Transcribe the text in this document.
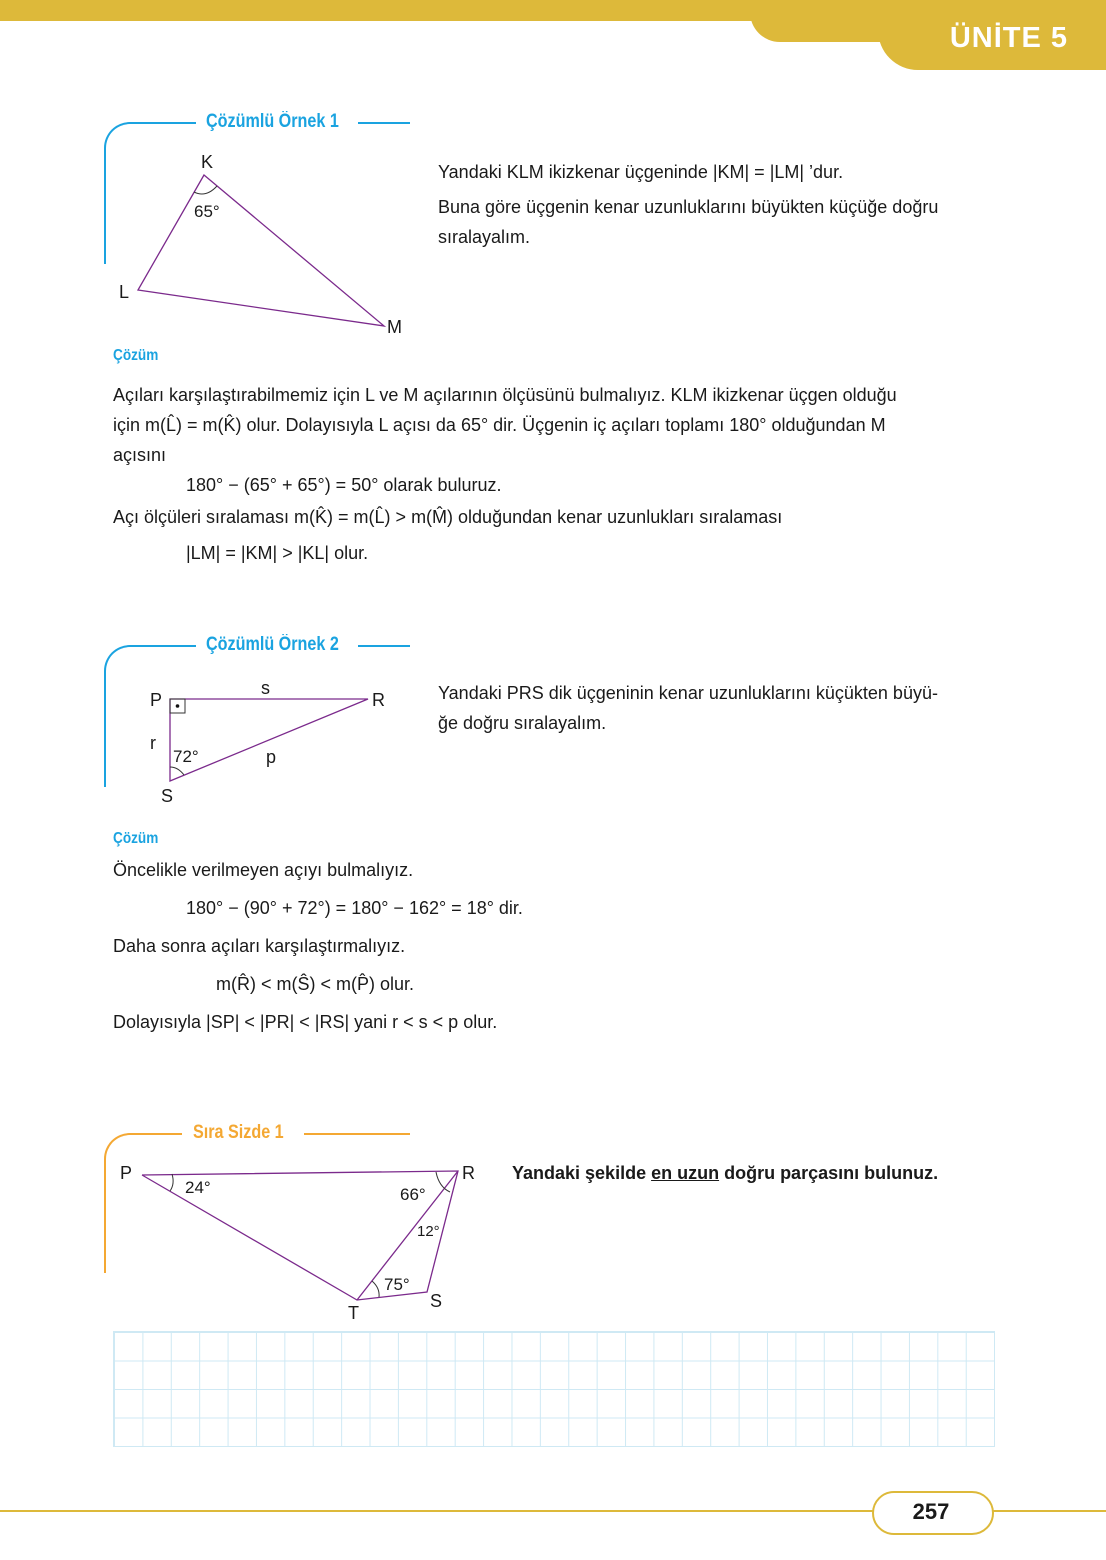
ÜNİTE 5
Çözümlü Örnek 1
K
L
M
65°
Yandaki KLM ikizkenar üçgeninde |KM| = |LM| ’dur.
Buna göre üçgenin kenar uzunluklarını büyükten küçüğe doğru
sıralayalım.
Çözüm
Açıları karşılaştırabilmemiz için L ve M açılarının ölçüsünü bulmalıyız. KLM ikizkenar üçgen olduğu
için m(L̂) = m(K̂) olur. Dolayısıyla L açısı da 65° dir. Üçgenin iç açıları toplamı 180° olduğundan M
açısını
180° − (65° + 65°) = 50° olarak buluruz.
Açı ölçüleri sıralaması m(K̂) = m(L̂) > m(M̂) olduğundan kenar uzunlukları sıralaması
|LM| = |KM| > |KL| olur.
Çözümlü Örnek 2
P	R
S
s
r
p
72°
Yandaki PRS dik üçgeninin kenar uzunluklarını küçükten büyü-
ğe doğru sıralayalım.
Çözüm
Öncelikle verilmeyen açıyı bulmalıyız.
180° − (90° + 72°) = 180° − 162° = 18° dir.
Daha sonra açıları karşılaştırmalıyız.
m(R̂) < m(Ŝ) < m(P̂) olur.
Dolayısıyla |SP| < |PR| < |RS| yani r < s < p olur.
Sıra Sizde 1
P	R
S
T
24°	66°
12°
75°
Yandaki şekilde en uzun doğru parçasını bulunuz.
257
